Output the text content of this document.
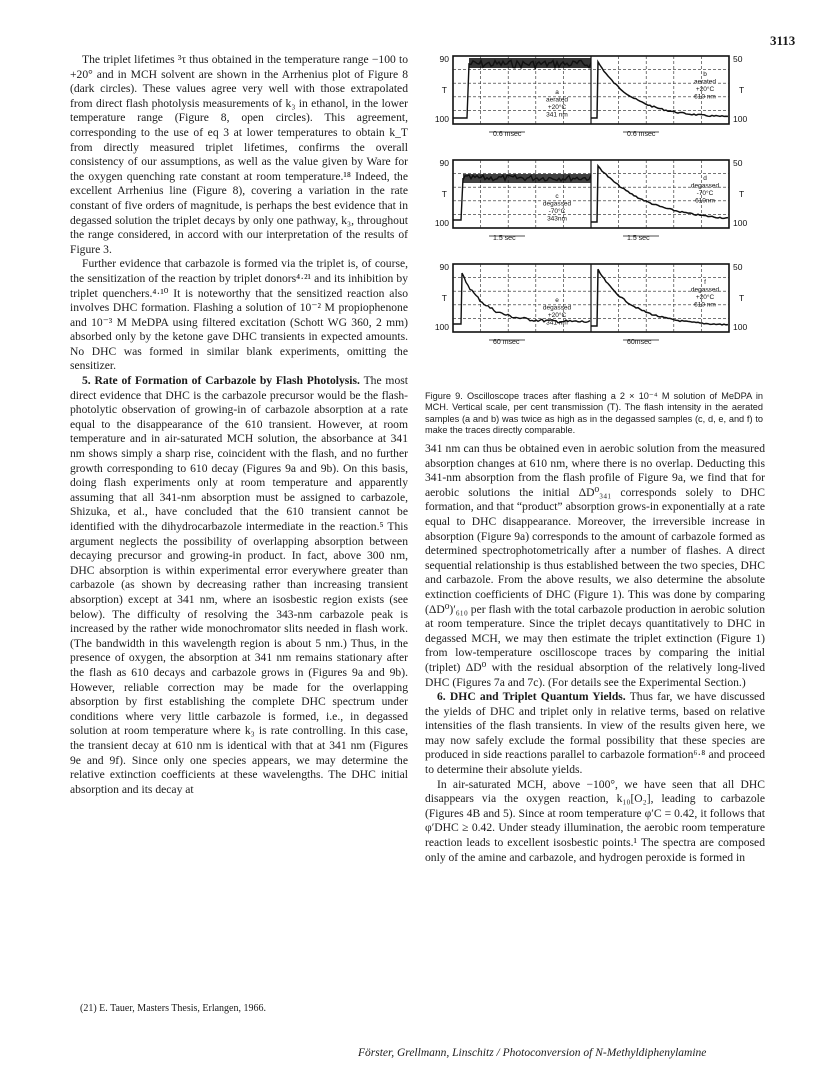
3113

The triplet lifetimes ³τ thus obtained in the temperature range −100 to +20° and in MCH solvent are shown in the Arrhenius plot of Figure 8 (dark circles). These values agree very well with those extrapolated from direct flash photolysis measurements of k₃ in ethanol, in the lower temperature range (Figure 8, open circles). This agreement, corresponding to the use of eq 3 at lower temperatures to obtain k_T from directly measured triplet lifetimes, confirms the overall consistency of our assumptions, as well as the value given by Ware for the oxygen quenching rate constant at room temperature.¹⁸ Indeed, the excellent Arrhenius line (Figure 8), covering a variation in the rate constant of five orders of magnitude, is perhaps the best evidence that in degassed solution the triplet decays by only one pathway, k₃, throughout the range considered, in accord with our interpretation of the results of Figure 3.

Further evidence that carbazole is formed via the triplet is, of course, the sensitization of the reaction by triplet donors⁴·²¹ and its inhibition by triplet quenchers.⁴·¹⁰ It is noteworthy that the sensitized reaction also involves DHC formation. Flashing a solution of 10⁻² M propiophenone and 10⁻³ M MeDPA using filtered excitation (Schott WG 360, 2 mm) absorbed only by the ketone gave DHC transients in expected amounts. No DHC was formed in similar blank experiments, omitting the sensitizer.

5. Rate of Formation of Carbazole by Flash Photolysis. The most direct evidence that DHC is the carbazole precursor would be the flash-photolytic observation of growing-in of carbazole absorption at a rate equal to the disappearance of the 610 transient. However, at room temperature and in air-saturated MCH solution, the absorbance at 341 nm shows simply a sharp rise, coincident with the flash, and no further growth corresponding to 610 decay (Figures 9a and 9b). On this basis, doing flash experiments only at room temperature and apparently assuming that all 341-nm absorption must be assigned to carbazole, Shizuka, et al., have concluded that the 610 transient cannot be identified with the dihydrocarbazole intermediate in the reaction.⁵ This argument neglects the possibility of overlapping absorption between decaying precursor and growing-in product. In fact, above 300 nm, DHC absorption is within experimental error everywhere greater than carbazole (as shown by decreasing rather than increasing transient absorption) except at 341 nm, where an isosbestic region exists (see below). The difficulty of resolving the 343-nm carbazole peak is increased by the rather wide monochromator slits needed in flash work. (The bandwidth in this wavelength region is about 5 nm.) Thus, in the presence of oxygen, the absorption at 341 nm remains stationary after the flash as 610 decays and carbazole grows in (Figures 9a and 9b). However, reliable correction may be made for the overlapping absorption by first establishing the complete DHC spectrum under conditions where very little carbazole is formed, i.e., in degassed solution at room temperature where k₃ is rate controlling. In this case, the transient decay at 610 nm is identical with that at 341 nm (Figures 9e and 9f). Since only one species appears, we may determine the relative extinction coefficients at these wavelengths. The DHC initial absorption and its decay at

90
T
100
50
T
100
a
aerated
+20°C
341 nm
b
aerated
+20°C
610 nm
0.6 msec	0.6 msec
90
T
100
50
T
100
c
degassed
-70°C
343nm
d
degassed
-70°C
610nm
1.5 sec	1.5 sec
90
T
100
50
T
100
e
degassed
+20°C
341 nm
f
degassed
+20°C
610 nm
60 msec	60msec
Figure 9. Oscilloscope traces after flashing a 2 × 10⁻⁴ M solution of MeDPA in MCH. Vertical scale, per cent transmission (T). The flash intensity in the aerated samples (a and b) was twice as high as in the degassed samples (c, d, e, and f) to make the traces directly comparable.

341 nm can thus be obtained even in aerobic solution from the measured absorption changes at 610 nm, where there is no overlap. Deducting this 341-nm absorption from the flash profile of Figure 9a, we find that for aerobic solutions the initial ΔD⁰₃₄₁ corresponds solely to DHC formation, and that “product” absorption grows-in exponentially at a rate equal to DHC disappearance. Moreover, the irreversible increase in absorption (Figure 9a) corresponds to the amount of carbazole formed as determined spectrophotometrically after a number of flashes. A direct sequential relationship is thus established between the two species, DHC and carbazole. From the above results, we also determine the absolute extinction coefficients of DHC (Figure 1). This was done by comparing (ΔD⁰)′₆₁₀ per flash with the total carbazole production in aerobic solution at room temperature. Since the triplet decays quantitatively to DHC in degassed MCH, we may then estimate the triplet extinction (Figure 1) from low-temperature oscilloscope traces by comparing the initial (triplet) ΔD⁰ with the residual absorption of the relatively long-lived DHC (Figures 7a and 7c). (For details see the Experimental Section.)

6. DHC and Triplet Quantum Yields. Thus far, we have discussed the yields of DHC and triplet only in relative terms, based on relative intensities of the flash transients. In view of the results given here, we may now safely exclude the formal possibility that these species are produced in side reactions parallel to carbazole formation⁶·⁸ and proceed to determine their absolute yields.

In air-saturated MCH, above −100°, we have seen that all DHC disappears via the oxygen reaction, k₁₀[O₂], leading to carbazole (Figures 4B and 5). Since at room temperature φ′C = 0.42, it follows that φ′DHC ≥ 0.42. Under steady illumination, the aerobic room temperature reaction leads to excellent isosbestic points.¹ The spectra are composed only of the amine and carbazole, and hydrogen peroxide is formed in

(21) E. Tauer, Masters Thesis, Erlangen, 1966.
Förster, Grellmann, Linschitz / Photoconversion of N-Methyldiphenylamine
